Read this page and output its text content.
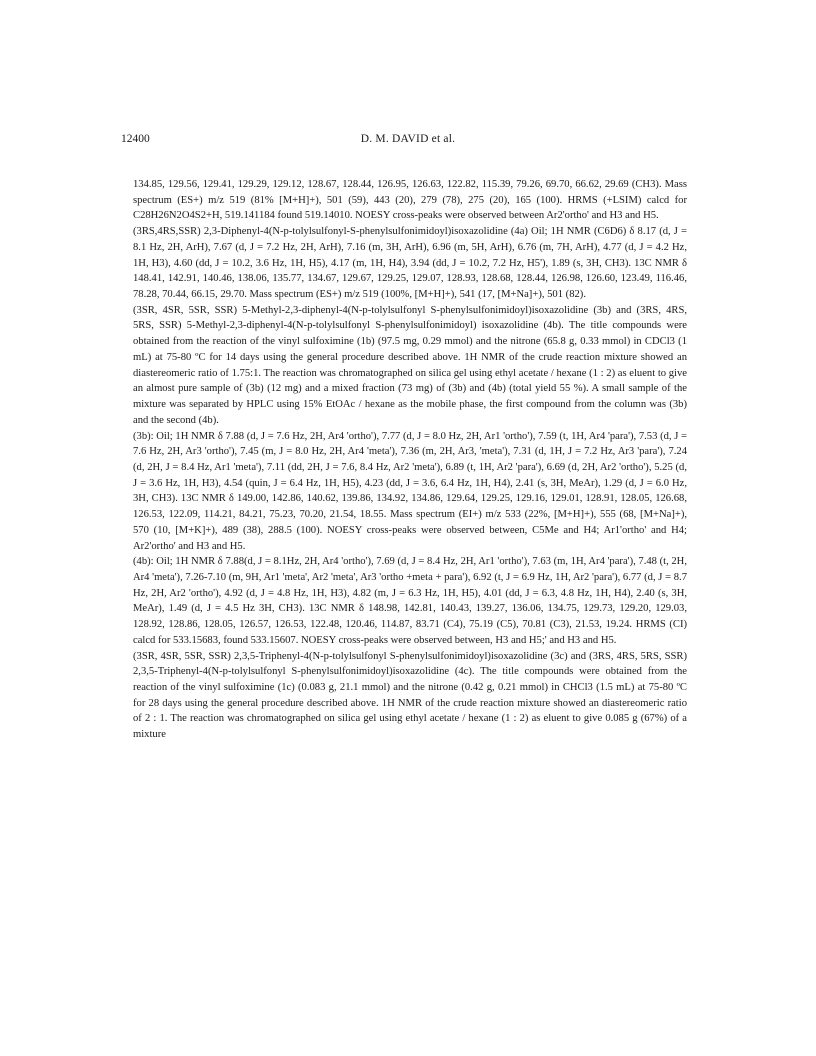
12400	D. M. DAVID et al.

134.85, 129.56, 129.41, 129.29, 129.12, 128.67, 128.44, 126.95, 126.63, 122.82, 115.39, 79.26, 69.70, 66.62, 29.69 (CH3). Mass spectrum (ES+) m/z 519 (81% [M+H]+), 501 (59), 443 (20), 279 (78), 275 (20), 165 (100). HRMS (+LSIM) calcd for C28H26N2O4S2+H, 519.141184 found 519.14010. NOESY cross-peaks were observed between Ar2'ortho' and H3 and H5.

(3RS,4RS,SSR) 2,3-Diphenyl-4(N-p-tolylsulfonyl-S-phenylsulfonimidoyl)isoxazolidine (4a) Oil; 1H NMR (C6D6) δ 8.17 (d, J = 8.1 Hz, 2H, ArH), 7.67 (d, J = 7.2 Hz, 2H, ArH), 7.16 (m, 3H, ArH), 6.96 (m, 5H, ArH), 6.76 (m, 7H, ArH), 4.77 (d, J = 4.2 Hz, 1H, H3), 4.60 (dd, J = 10.2, 3.6 Hz, 1H, H5), 4.17 (m, 1H, H4), 3.94 (dd, J = 10.2, 7.2 Hz, H5'), 1.89 (s, 3H, CH3). 13C NMR δ 148.41, 142.91, 140.46, 138.06, 135.77, 134.67, 129.67, 129.25, 129.07, 128.93, 128.68, 128.44, 126.98, 126.60, 123.49, 116.46, 78.28, 70.44, 66.15, 29.70. Mass spectrum (ES+) m/z 519 (100%, [M+H]+), 541 (17, [M+Na]+), 501 (82).

(3SR, 4SR, 5SR, SSR) 5-Methyl-2,3-diphenyl-4(N-p-tolylsulfonyl S-phenylsulfonimidoyl)isoxazolidine (3b) and (3RS, 4RS, 5RS, SSR) 5-Methyl-2,3-diphenyl-4(N-p-tolylsulfonyl S-phenylsulfonimidoyl) isoxazolidine (4b). The title compounds were obtained from the reaction of the vinyl sulfoximine (1b) (97.5 mg, 0.29 mmol) and the nitrone (65.8 g, 0.33 mmol) in CDCl3 (1 mL) at 75-80 ºC for 14 days using the general procedure described above. 1H NMR of the crude reaction mixture showed an diastereomeric ratio of 1.75:1. The reaction was chromatographed on silica gel using ethyl acetate / hexane (1 : 2) as eluent to give an almost pure sample of (3b) (12 mg) and a mixed fraction (73 mg) of (3b) and (4b) (total yield 55 %). A small sample of the mixture was separated by HPLC using 15% EtOAc / hexane as the mobile phase, the first compound from the column was (3b) and the second (4b).

(3b): Oil; 1H NMR δ 7.88 (d, J = 7.6 Hz, 2H, Ar4 'ortho'), 7.77 (d, J = 8.0 Hz, 2H, Ar1 'ortho'), 7.59 (t, 1H, Ar4 'para'), 7.53 (d, J = 7.6 Hz, 2H, Ar3 'ortho'), 7.45 (m, J = 8.0 Hz, 2H, Ar4 'meta'), 7.36 (m, 2H, Ar3, 'meta'), 7.31 (d, 1H, J = 7.2 Hz, Ar3 'para'), 7.24 (d, 2H, J = 8.4 Hz, Ar1 'meta'), 7.11 (dd, 2H, J = 7.6, 8.4 Hz, Ar2 'meta'), 6.89 (t, 1H, Ar2 'para'), 6.69 (d, 2H, Ar2 'ortho'), 5.25 (d, J = 3.6 Hz, 1H, H3), 4.54 (quin, J = 6.4 Hz, 1H, H5), 4.23 (dd, J = 3.6, 6.4 Hz, 1H, H4), 2.41 (s, 3H, MeAr), 1.29 (d, J = 6.0 Hz, 3H, CH3). 13C NMR δ 149.00, 142.86, 140.62, 139.86, 134.92, 134.86, 129.64, 129.25, 129.16, 129.01, 128.91, 128.05, 126.68, 126.53, 122.09, 114.21, 84.21, 75.23, 70.20, 21.54, 18.55. Mass spectrum (EI+) m/z 533 (22%, [M+H]+), 555 (68, [M+Na]+), 570 (10, [M+K]+), 489 (38), 288.5 (100). NOESY cross-peaks were observed between, C5Me and H4; Ar1'ortho' and H4; Ar2'ortho' and H3 and H5.

(4b): Oil; 1H NMR δ 7.88(d, J = 8.1Hz, 2H, Ar4 'ortho'), 7.69 (d, J = 8.4 Hz, 2H, Ar1 'ortho'), 7.63 (m, 1H, Ar4 'para'), 7.48 (t, 2H, Ar4 'meta'), 7.26-7.10 (m, 9H, Ar1 'meta', Ar2 'meta', Ar3 'ortho +meta + para'), 6.92 (t, J = 6.9 Hz, 1H, Ar2 'para'), 6.77 (d, J = 8.7 Hz, 2H, Ar2 'ortho'), 4.92 (d, J = 4.8 Hz, 1H, H3), 4.82 (m, J = 6.3 Hz, 1H, H5), 4.01 (dd, J = 6.3, 4.8 Hz, 1H, H4), 2.40 (s, 3H, MeAr), 1.49 (d, J = 4.5 Hz 3H, CH3). 13C NMR δ 148.98, 142.81, 140.43, 139.27, 136.06, 134.75, 129.73, 129.20, 129.03, 128.92, 128.86, 128.05, 126.57, 126.53, 122.48, 120.46, 114.87, 83.71 (C4), 75.19 (C5), 70.81 (C3), 21.53, 19.24. HRMS (CI) calcd for 533.15683, found 533.15607. NOESY cross-peaks were observed between, H3 and H5;' and H3 and H5.

(3SR, 4SR, 5SR, SSR) 2,3,5-Triphenyl-4(N-p-tolylsulfonyl S-phenylsulfonimidoyl)isoxazolidine (3c) and (3RS, 4RS, 5RS, SSR) 2,3,5-Triphenyl-4(N-p-tolylsulfonyl S-phenylsulfonimidoyl)isoxazolidine (4c). The title compounds were obtained from the reaction of the vinyl sulfoximine (1c) (0.083 g, 21.1 mmol) and the nitrone (0.42 g, 0.21 mmol) in CHCl3 (1.5 mL) at 75-80 ºC for 28 days using the general procedure described above. 1H NMR of the crude reaction mixture showed an diastereomeric ratio of 2 : 1. The reaction was chromatographed on silica gel using ethyl acetate / hexane (1 : 2) as eluent to give 0.085 g (67%) of a mixture
